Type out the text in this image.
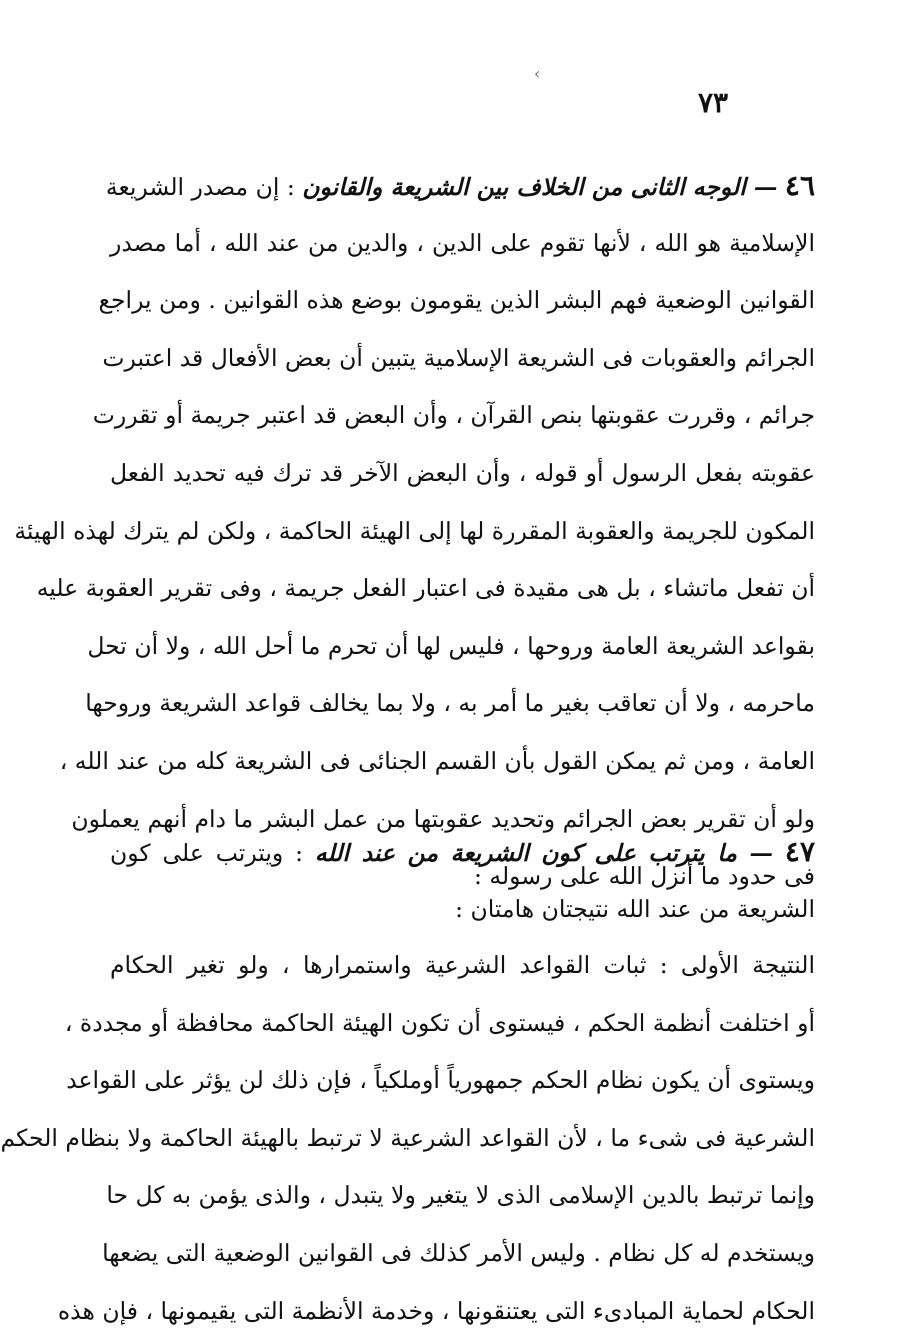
‹
٧٣
٤٦ — الوجه الثانى من الخلاف بين الشريعة والقانون : إن مصدر الشريعة
الإسلامية هو الله ، لأنها تقوم على الدين ، والدين من عند الله ، أما مصدر
القوانين الوضعية فهم البشر الذين يقومون بوضع هذه القوانين . ومن يراجع
الجرائم والعقوبات فى الشريعة الإسلامية يتبين أن بعض الأفعال قد اعتبرت
جرائم ، وقررت عقوبتها بنص القرآن ، وأن البعض قد اعتبر جريمة أو تقررت
عقوبته بفعل الرسول أو قوله ، وأن البعض الآخر قد ترك فيه تحديد الفعل
المكون للجريمة والعقوبة المقررة لها إلى الهيئة الحاكمة ، ولكن لم يترك لهذه الهيئة
أن تفعل ماتشاء ، بل هى مقيدة فى اعتبار الفعل جريمة ، وفى تقرير العقوبة عليه
بقواعد الشريعة العامة وروحها ، فليس لها أن تحرم ما أحل الله ، ولا أن تحل
ماحرمه ، ولا أن تعاقب بغير ما أمر به ، ولا بما يخالف قواعد الشريعة وروحها
العامة ، ومن ثم يمكن القول بأن القسم الجنائى فى الشريعة كله من عند الله ،
ولو أن تقرير بعض الجرائم وتحديد عقوبتها من عمل البشر ما دام أنهم يعملون
فى حدود ما أنزل الله على رسوله :
٤٧ — ما يترتب على كون الشريعة من عند الله : ويترتب على كون
الشريعة من عند الله نتيجتان هامتان :
النتيجة الأولى : ثبات القواعد الشرعية واستمرارها ، ولو تغير الحكام
أو اختلفت أنظمة الحكم ، فيستوى أن تكون الهيئة الحاكمة محافظة أو مجددة ،
ويستوى أن يكون نظام الحكم جمهورياً أوملكياً ، فإن ذلك لن يؤثر على القواعد
الشرعية فى شىء ما ، لأن القواعد الشرعية لا ترتبط بالهيئة الحاكمة ولا بنظام الحكم
وإنما ترتبط بالدين الإسلامى الذى لا يتغير ولا يتبدل ، والذى يؤمن به كل حا
ويستخدم له كل نظام . وليس الأمر كذلك فى القوانين الوضعية التى يضعها
الحكام لحماية المبادىء التى يعتنقونها ، وخدمة الأنظمة التى يقيمونها ، فإن هذه
